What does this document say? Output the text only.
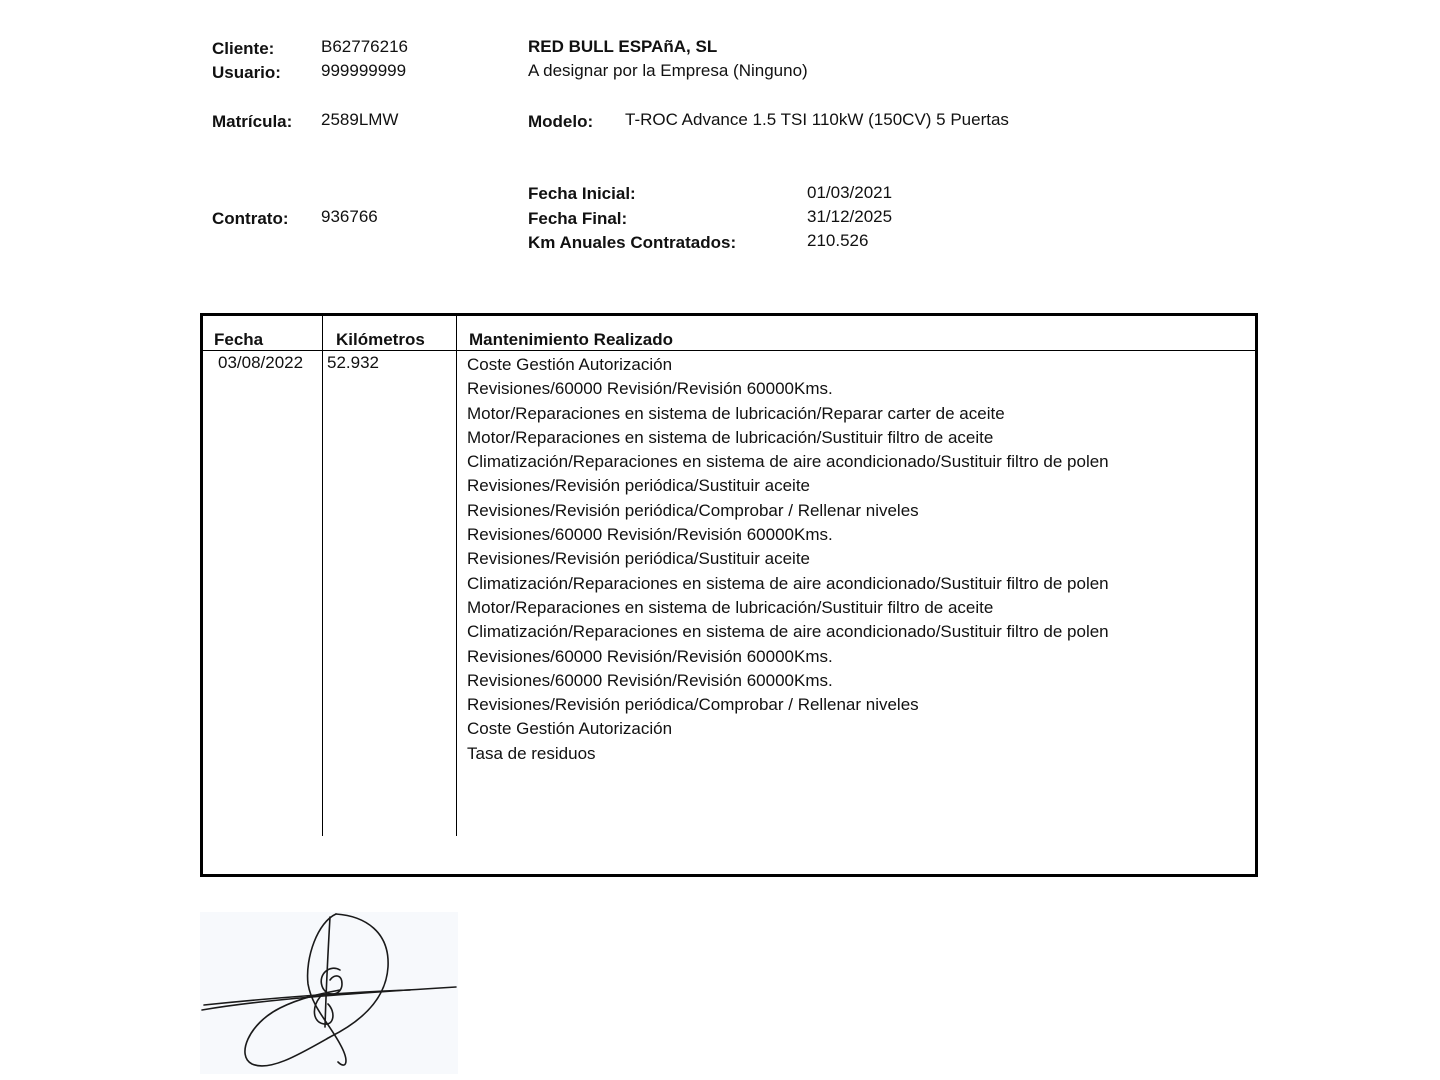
Cliente:	B62776216	RED BULL ESPAñA, SL
Usuario: 999999999	A designar por la Empresa (Ninguno)
Matrícula: 2589LMW	Modelo: T-ROC Advance 1.5 TSI 110kW (150CV) 5 Puertas
Fecha Inicial:	01/03/2021
Contrato: 936766	Fecha Final:	31/12/2025
Km Anuales Contratados:	210.526
Fecha	Kilómetros	Mantenimiento Realizado
03/08/2022 52.932	Coste Gestión Autorización
Revisiones/60000 Revisión/Revisión 60000Kms.
Motor/Reparaciones en sistema de lubricación/Reparar carter de aceite
Motor/Reparaciones en sistema de lubricación/Sustituir filtro de aceite
Climatización/Reparaciones en sistema de aire acondicionado/Sustituir filtro de polen
Revisiones/Revisión periódica/Sustituir aceite
Revisiones/Revisión periódica/Comprobar / Rellenar niveles
Revisiones/60000 Revisión/Revisión 60000Kms.
Revisiones/Revisión periódica/Sustituir aceite
Climatización/Reparaciones en sistema de aire acondicionado/Sustituir filtro de polen
Motor/Reparaciones en sistema de lubricación/Sustituir filtro de aceite
Climatización/Reparaciones en sistema de aire acondicionado/Sustituir filtro de polen
Revisiones/60000 Revisión/Revisión 60000Kms.
Revisiones/60000 Revisión/Revisión 60000Kms.
Revisiones/Revisión periódica/Comprobar / Rellenar niveles
Coste Gestión Autorización
Tasa de residuos
